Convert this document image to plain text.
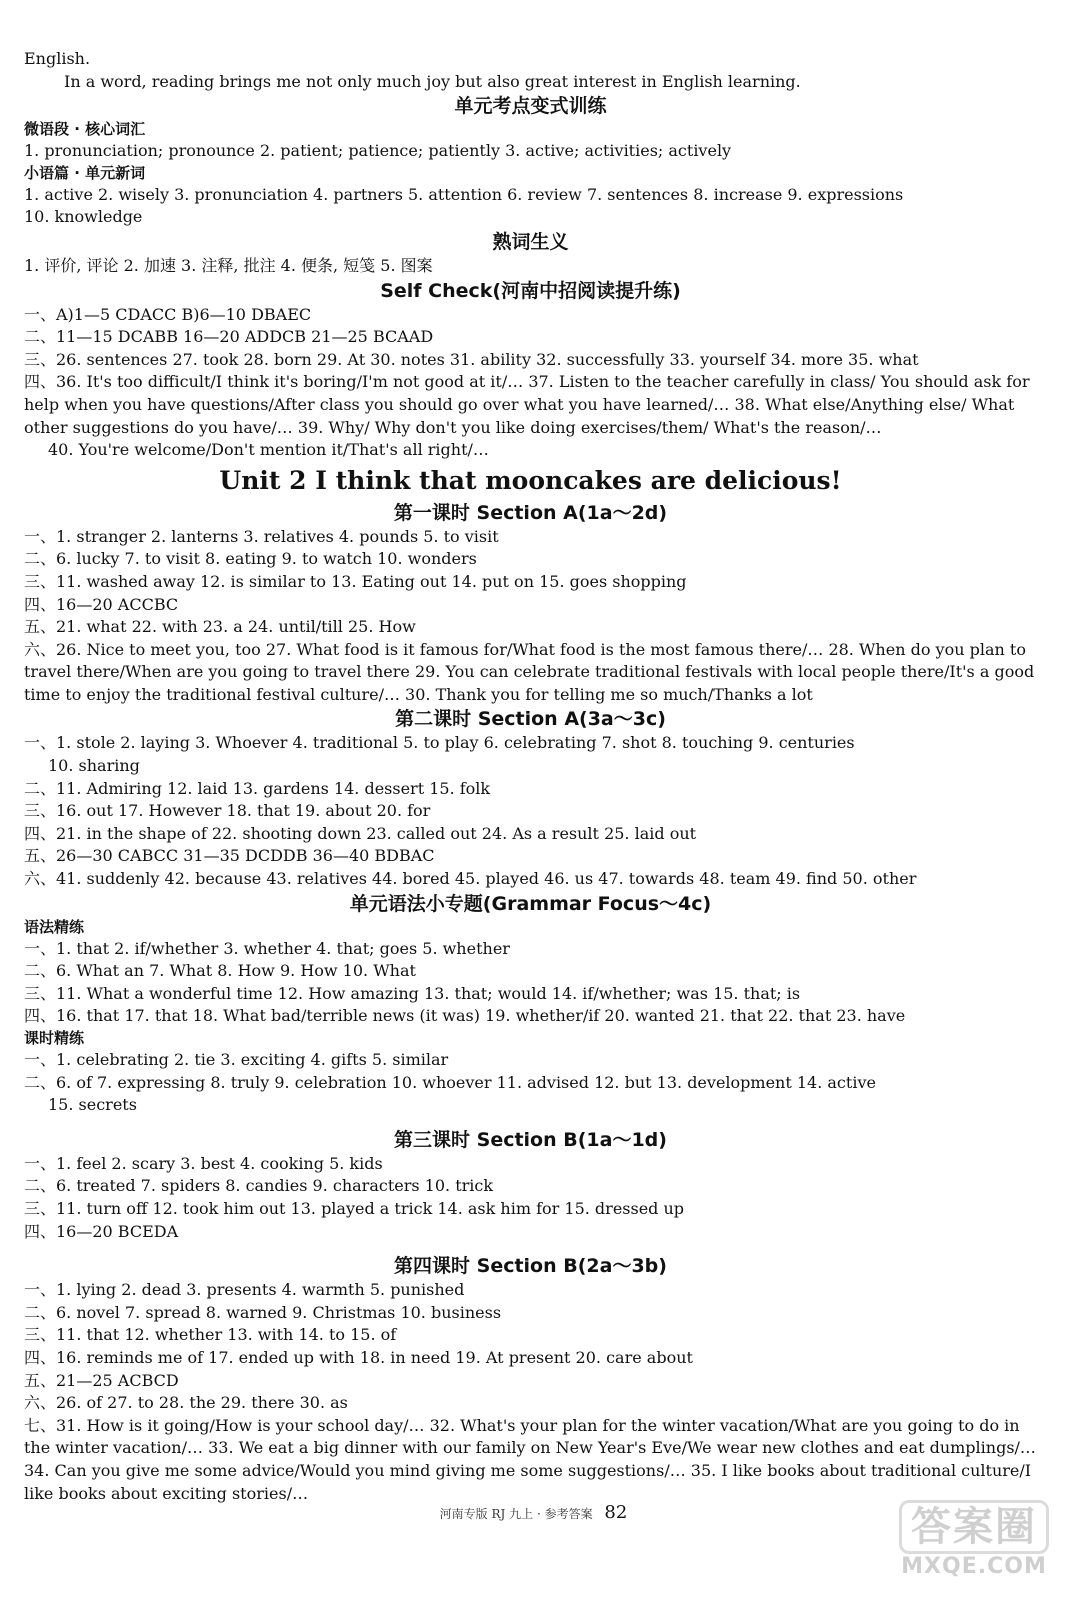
English.
In a word, reading brings me not only much joy but also great interest in English learning.
单元考点变式训练
微语段 · 核心词汇
1. pronunciation; pronounce 2. patient; patience; patiently 3. active; activities; actively
小语篇 · 单元新词
1. active 2. wisely 3. pronunciation 4. partners 5. attention 6. review 7. sentences 8. increase 9. expressions
10. knowledge
熟词生义
1. 评价, 评论 2. 加速 3. 注释, 批注 4. 便条, 短笺 5. 图案
Self Check(河南中招阅读提升练)
一、A)1—5 CDACC B)6—10 DBAEC
二、11—15 DCABB 16—20 ADDCB 21—25 BCAAD
三、26. sentences 27. took 28. born 29. At 30. notes 31. ability 32. successfully 33. yourself 34. more 35. what
四、36. It's too difficult/I think it's boring/I'm not good at it/… 37. Listen to the teacher carefully in class/ You should ask for help when you have questions/After class you should go over what you have learned/… 38. What else/Anything else/ What other suggestions do you have/… 39. Why/ Why don't you like doing exercises/them/ What's the reason/…
40. You're welcome/Don't mention it/That's all right/…
Unit 2 I think that mooncakes are delicious!
第一课时 Section A(1a～2d)
一、1. stranger 2. lanterns 3. relatives 4. pounds 5. to visit
二、6. lucky 7. to visit 8. eating 9. to watch 10. wonders
三、11. washed away 12. is similar to 13. Eating out 14. put on 15. goes shopping
四、16—20 ACCBC
五、21. what 22. with 23. a 24. until/till 25. How
六、26. Nice to meet you, too 27. What food is it famous for/What food is the most famous there/… 28. When do you plan to travel there/When are you going to travel there 29. You can celebrate traditional festivals with local people there/It's a good time to enjoy the traditional festival culture/… 30. Thank you for telling me so much/Thanks a lot
第二课时 Section A(3a～3c)
一、1. stole 2. laying 3. Whoever 4. traditional 5. to play 6. celebrating 7. shot 8. touching 9. centuries
10. sharing
二、11. Admiring 12. laid 13. gardens 14. dessert 15. folk
三、16. out 17. However 18. that 19. about 20. for
四、21. in the shape of 22. shooting down 23. called out 24. As a result 25. laid out
五、26—30 CABCC 31—35 DCDDB 36—40 BDBAC
六、41. suddenly 42. because 43. relatives 44. bored 45. played 46. us 47. towards 48. team 49. find 50. other
单元语法小专题(Grammar Focus～4c)
语法精练
一、1. that 2. if/whether 3. whether 4. that; goes 5. whether
二、6. What an 7. What 8. How 9. How 10. What
三、11. What a wonderful time 12. How amazing 13. that; would 14. if/whether; was 15. that; is
四、16. that 17. that 18. What bad/terrible news (it was) 19. whether/if 20. wanted 21. that 22. that 23. have
课时精练
一、1. celebrating 2. tie 3. exciting 4. gifts 5. similar
二、6. of 7. expressing 8. truly 9. celebration 10. whoever 11. advised 12. but 13. development 14. active
15. secrets
第三课时 Section B(1a～1d)
一、1. feel 2. scary 3. best 4. cooking 5. kids
二、6. treated 7. spiders 8. candies 9. characters 10. trick
三、11. turn off 12. took him out 13. played a trick 14. ask him for 15. dressed up
四、16—20 BCEDA
第四课时 Section B(2a～3b)
一、1. lying 2. dead 3. presents 4. warmth 5. punished
二、6. novel 7. spread 8. warned 9. Christmas 10. business
三、11. that 12. whether 13. with 14. to 15. of
四、16. reminds me of 17. ended up with 18. in need 19. At present 20. care about
五、21—25 ACBCD
六、26. of 27. to 28. the 29. there 30. as
七、31. How is it going/How is your school day/… 32. What's your plan for the winter vacation/What are you going to do in the winter vacation/… 33. We eat a big dinner with our family on New Year's Eve/We wear new clothes and eat dumplings/… 34. Can you give me some advice/Would you mind giving me some suggestions/… 35. I like books about traditional culture/I like books about exciting stories/…
河南专版 RJ 九上 · 参考答案 82	答案圈
MXQE.COM
